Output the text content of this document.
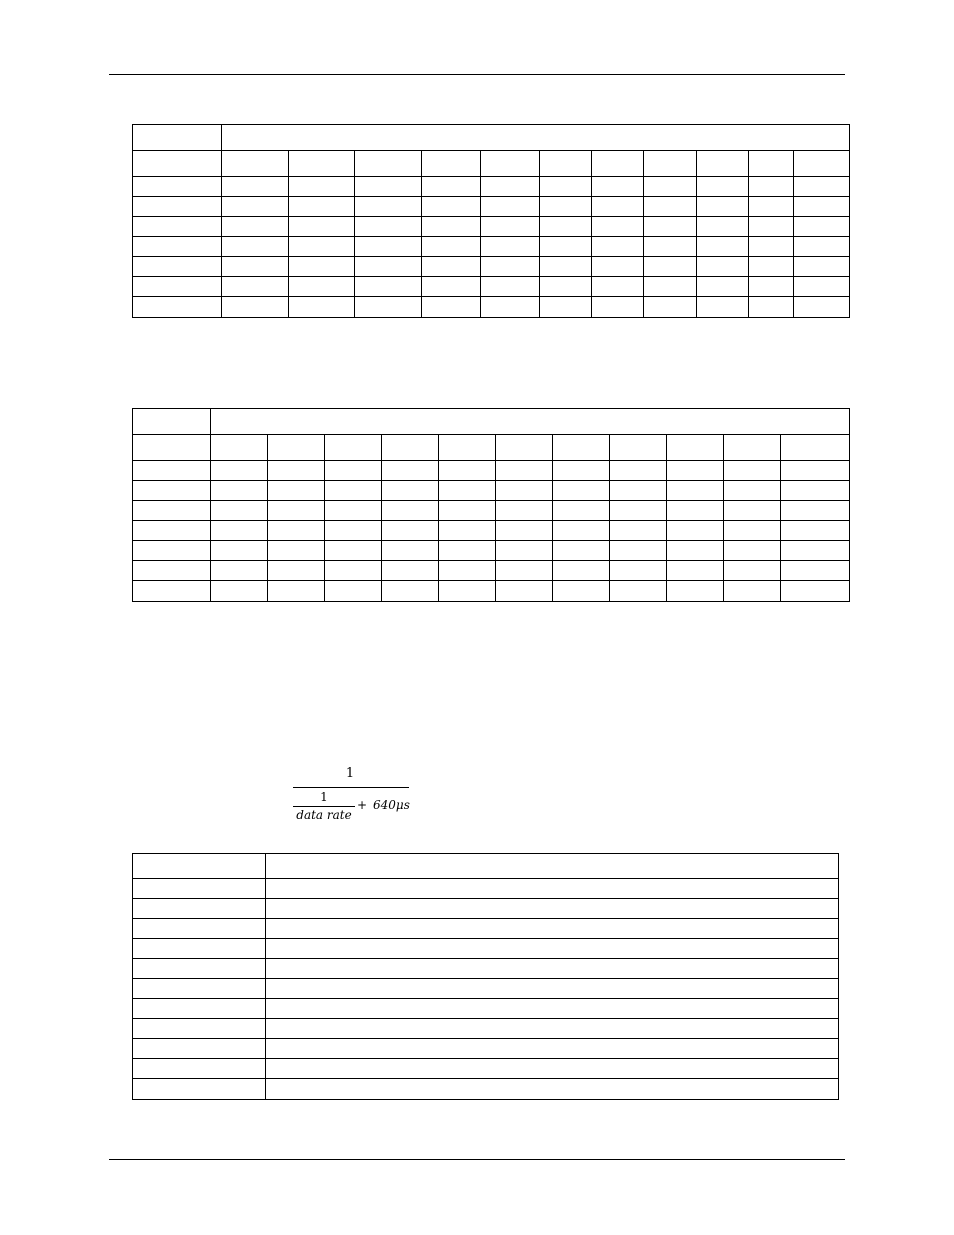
1
1
data rate
+ 640μs
